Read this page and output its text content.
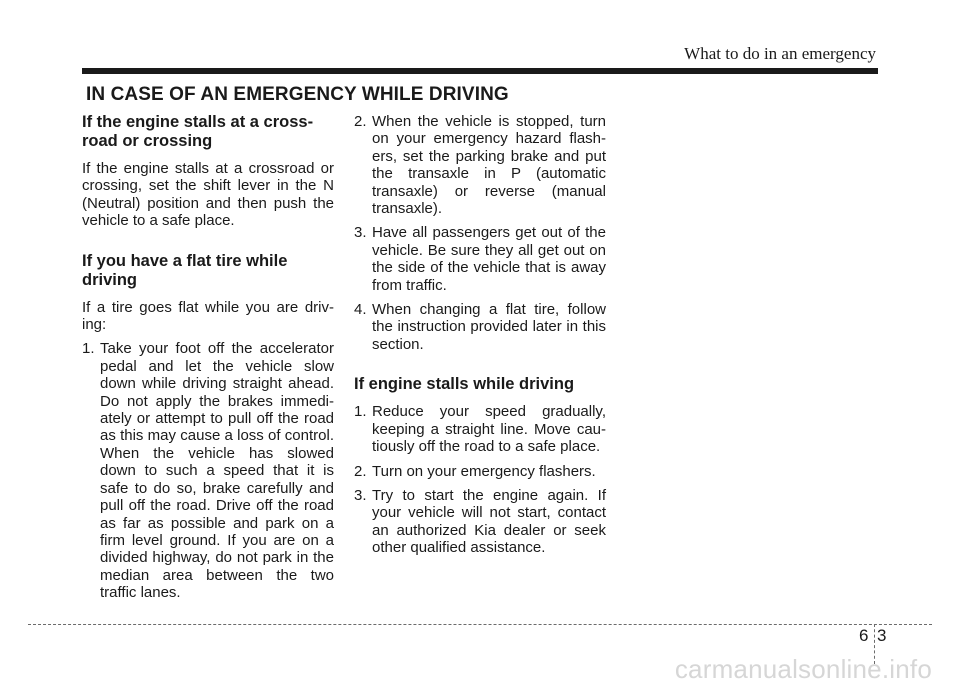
What to do in an emergency
IN CASE OF AN EMERGENCY WHILE DRIVING
If the engine stalls at a cross-road or crossing

If the engine stalls at a crossroad or crossing, set the shift lever in the N (Neutral) position and then push the vehicle to a safe place.

If you have a flat tire while driving

If a tire goes flat while you are driv-ing:

1. Take your foot off the accelerator pedal and let the vehicle slow down while driving straight ahead. Do not apply the brakes immedi-ately or attempt to pull off the road as this may cause a loss of control. When the vehicle has slowed down to such a speed that it is safe to do so, brake carefully and pull off the road. Drive off the road as far as possible and park on a firm level ground. If you are on a divided highway, do not park in the median area between the two traffic lanes.
2. When the vehicle is stopped, turn on your emergency hazard flash-ers, set the parking brake and put the transaxle in P (automatic transaxle) or reverse (manual transaxle).
3. Have all passengers get out of the vehicle. Be sure they all get out on the side of the vehicle that is away from traffic.
4. When changing a flat tire, follow the instruction provided later in this section.
If engine stalls while driving
1. Reduce your speed gradually, keeping a straight line. Move cau-tiously off the road to a safe place.
2. Turn on your emergency flashers.
3. Try to start the engine again. If your vehicle will not start, contact an authorized Kia dealer or seek other qualified assistance.
6 3
carmanualsonline.info
